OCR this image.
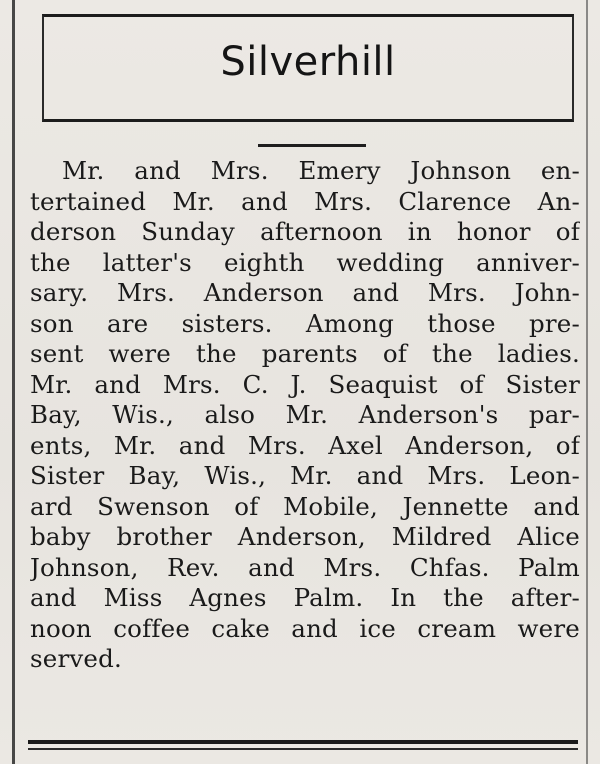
Silverhill
Mr. and Mrs. Emery Johnson en-
tertained Mr. and Mrs. Clarence An-
derson Sunday afternoon in honor of
the latter's eighth wedding anniver-
sary. Mrs. Anderson and Mrs. John-
son are sisters. Among those pre-
sent were the parents of the ladies.
Mr. and Mrs. C. J. Seaquist of Sister
Bay, Wis., also Mr. Anderson's par-
ents, Mr. and Mrs. Axel Anderson, of
Sister Bay, Wis., Mr. and Mrs. Leon-
ard Swenson of Mobile, Jennette and
baby brother Anderson, Mildred Alice
Johnson, Rev. and Mrs. Chfas. Palm
and Miss Agnes Palm. In the after-
noon coffee cake and ice cream were
served.
